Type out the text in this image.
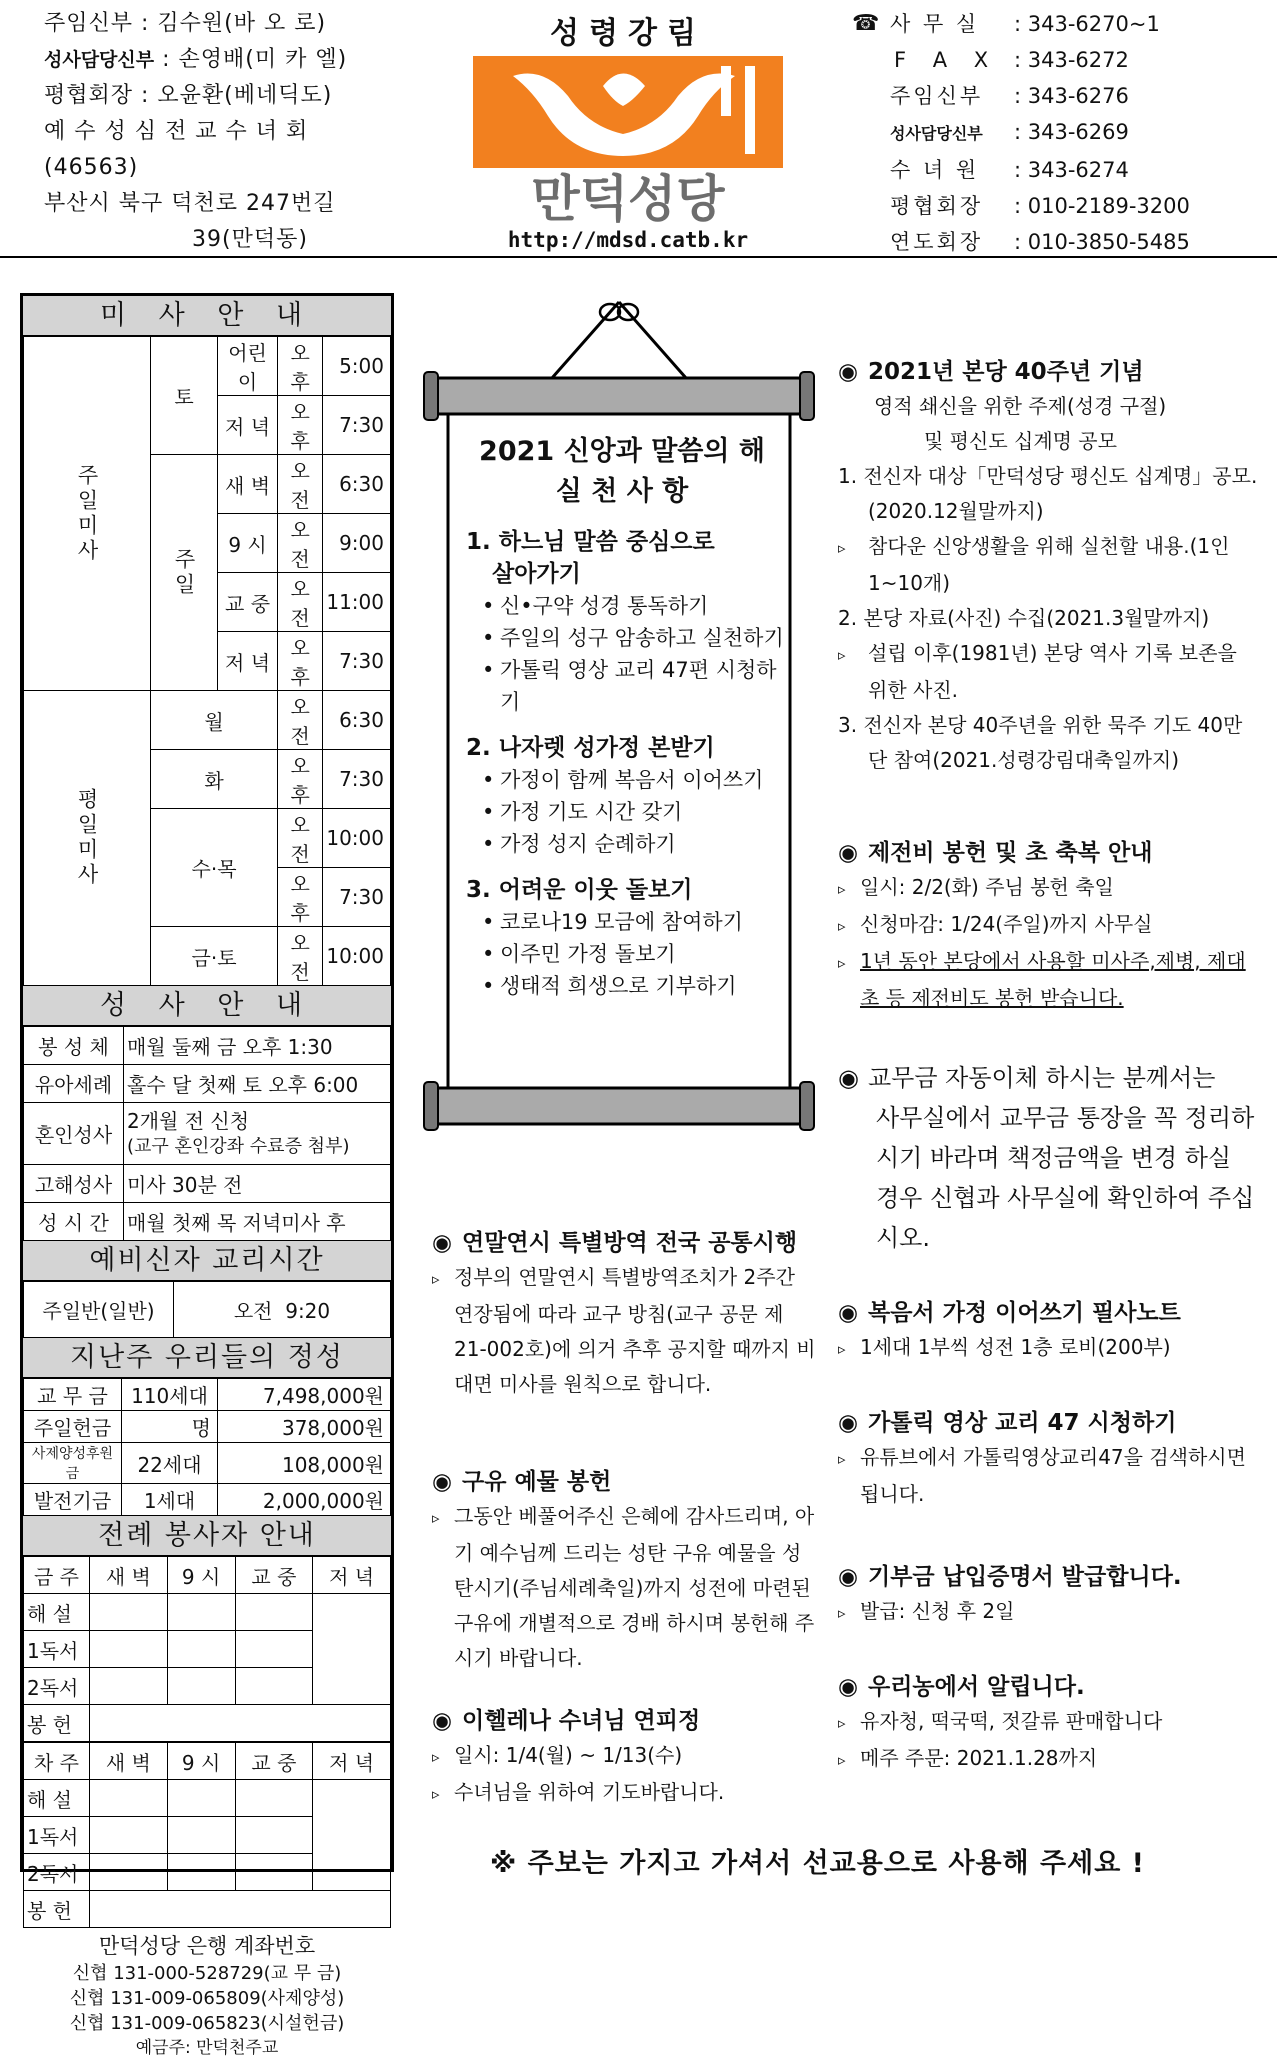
주임신부 : 김수원(바 오 로)
성사담당신부 : 손영배(미 카 엘)
평협회장 : 오윤환(베네딕도)
예 수 성 심 전 교 수 녀 회
(46563)
부산시 북구 덕천로 247번길
39(만덕동)
성령강림
만덕성당
http://mdsd.catb.kr
☎ 사 무 실	: 343-6270~1
F A X : 343-6272
주임신부	: 343-6276
성사담당신부	: 343-6269
수 녀 원	: 343-6274
평협회장	: 010-2189-3200
연도회장	: 010-3850-5485
미 사 안 내
주일미사	토	어린이	오후	5:00
		저 녁	오후	7:30
	주일	새 벽	오전	6:30
		9 시	오전	9:00
		교 중	오전	11:00
		저 녁	오후	7:30
평일미사	월		오전	6:30
	화		오후	7:30
	수·목		오전	10:00
			오후	7:30
	금·토		오전	10:00
성 사 안 내
봉 성 체	매월 둘째 금 오후 1:30
유아세례	홀수 달 첫째 토 오후 6:00
혼인성사	2개월 전 신청
(교구 혼인강좌 수료증 첨부)
고해성사	미사 30분 전
성 시 간	매월 첫째 목 저녁미사 후
예비신자 교리시간
주일반(일반)	오전 9:20
지난주 우리들의 정성
교 무 금	110세대	7,498,000원
주일헌금	명	378,000원
사제양성후원금	22세대	108,000원
발전기금	1세대	2,000,000원
전례 봉사자 안내
금 주	새 벽	9 시	교 중	저 녁
해 설				
1독서				
2독서				
봉 헌				
차 주	새 벽	9 시	교 중	저 녁
해 설				
1독서				
2독서				
봉 헌				
만덕성당 은행 계좌번호
신협 131-000-528729(교 무 금)
신협 131-009-065809(사제양성)
신협 131-009-065823(시설헌금)
예금주: 만덕천주교
2021 신앙과 말씀의 해
실 천 사 항
1. 하느님 말씀 중심으로
살아가기
• 신•구약 성경 통독하기
• 주일의 성구 암송하고 실천하기
• 가톨릭 영상 교리 47편 시청하기
2. 나자렛 성가정 본받기
• 가정이 함께 복음서 이어쓰기
• 가정 기도 시간 갖기
• 가정 성지 순례하기
3. 어려운 이웃 돌보기
• 코로나19 모금에 참여하기
• 이주민 가정 돌보기
• 생태적 희생으로 기부하기
◉ 연말연시 특별방역 전국 공통시행
▹ 정부의 연말연시 특별방역조치가 2주간 연장됨에 따라 교구 방침(교구 공문 제21-002호)에 의거 추후 공지할 때까지 비대면 미사를 원칙으로 합니다.
◉ 구유 예물 봉헌
▹ 그동안 베풀어주신 은혜에 감사드리며, 아기 예수님께 드리는 성탄 구유 예물을 성탄시기(주님세례축일)까지 성전에 마련된 구유에 개별적으로 경배 하시며 봉헌해 주시기 바랍니다.
◉ 이헬레나 수녀님 연피정
▹ 일시: 1/4(월) ~ 1/13(수)
▹ 수녀님을 위하여 기도바랍니다.
◉ 2021년 본당 40주년 기념
영적 쇄신을 위한 주제(성경 구절)
및 평신도 십계명 공모
1. 전신자 대상「만덕성당 평신도 십계명」공모.(2020.12월말까지)
▹ 참다운 신앙생활을 위해 실천할 내용.(1인 1~10개)
2. 본당 자료(사진) 수집(2021.3월말까지)
▹ 설립 이후(1981년) 본당 역사 기록 보존을 위한 사진.
3. 전신자 본당 40주년을 위한 묵주 기도 40만단 참여(2021.성령강림대축일까지)
◉ 제전비 봉헌 및 초 축복 안내
▹ 일시: 2/2(화) 주님 봉헌 축일
▹ 신청마감: 1/24(주일)까지 사무실
▹ 1년 동안 본당에서 사용할 미사주,제병, 제대초 등 제전비도 봉헌 받습니다.
◉ 교무금 자동이체 하시는 분께서는
사무실에서 교무금 통장을 꼭 정리하시기 바라며 책정금액을 변경 하실 경우 신협과 사무실에 확인하여 주십시오.
◉ 복음서 가정 이어쓰기 필사노트
▹ 1세대 1부씩 성전 1층 로비(200부)
◉ 가톨릭 영상 교리 47 시청하기
▹ 유튜브에서 가톨릭영상교리47을 검색하시면 됩니다.
◉ 기부금 납입증명서 발급합니다.
▹ 발급: 신청 후 2일
◉ 우리농에서 알립니다.
▹ 유자청, 떡국떡, 젓갈류 판매합니다
▹ 메주 주문: 2021.1.28까지
※ 주보는 가지고 가셔서 선교용으로 사용해 주세요 !
